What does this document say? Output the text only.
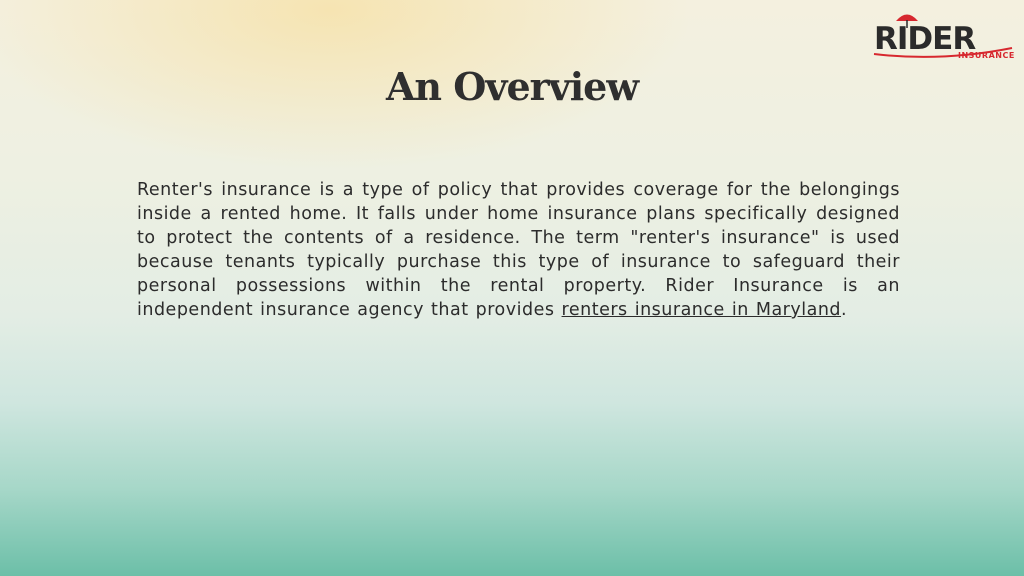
RIDER
INSURANCE
An Overview

Renter's insurance is a type of policy that provides coverage for the belongings inside a rented home. It falls under home insurance plans specifically designed to protect the contents of a residence. The term "renter's insurance" is used because tenants typically purchase this type of insurance to safeguard their personal possessions within the rental property. Rider Insurance is an independent insurance agency that provides renters insurance in Maryland.
